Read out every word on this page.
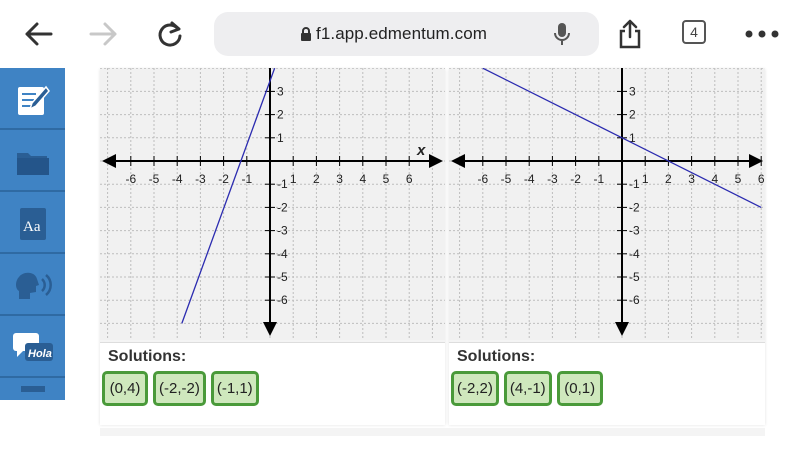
f1.app.edmentum.com	4
Aa
Hola
-6 -5 -4 -3 -2 -1	1 2 3 4 5 6
3
2
1
-1
-2
-3
-4
-5
-6
x
Solutions:
(0,4)	(-2,-2)	(-1,1)
-6 -5 -4 -3 -2 -1	1 2 3 4 5 6
3
2
1
-1
-2
-3
-4
-5
-6
Solutions:
(-2,2)	(4,-1)	(0,1)
